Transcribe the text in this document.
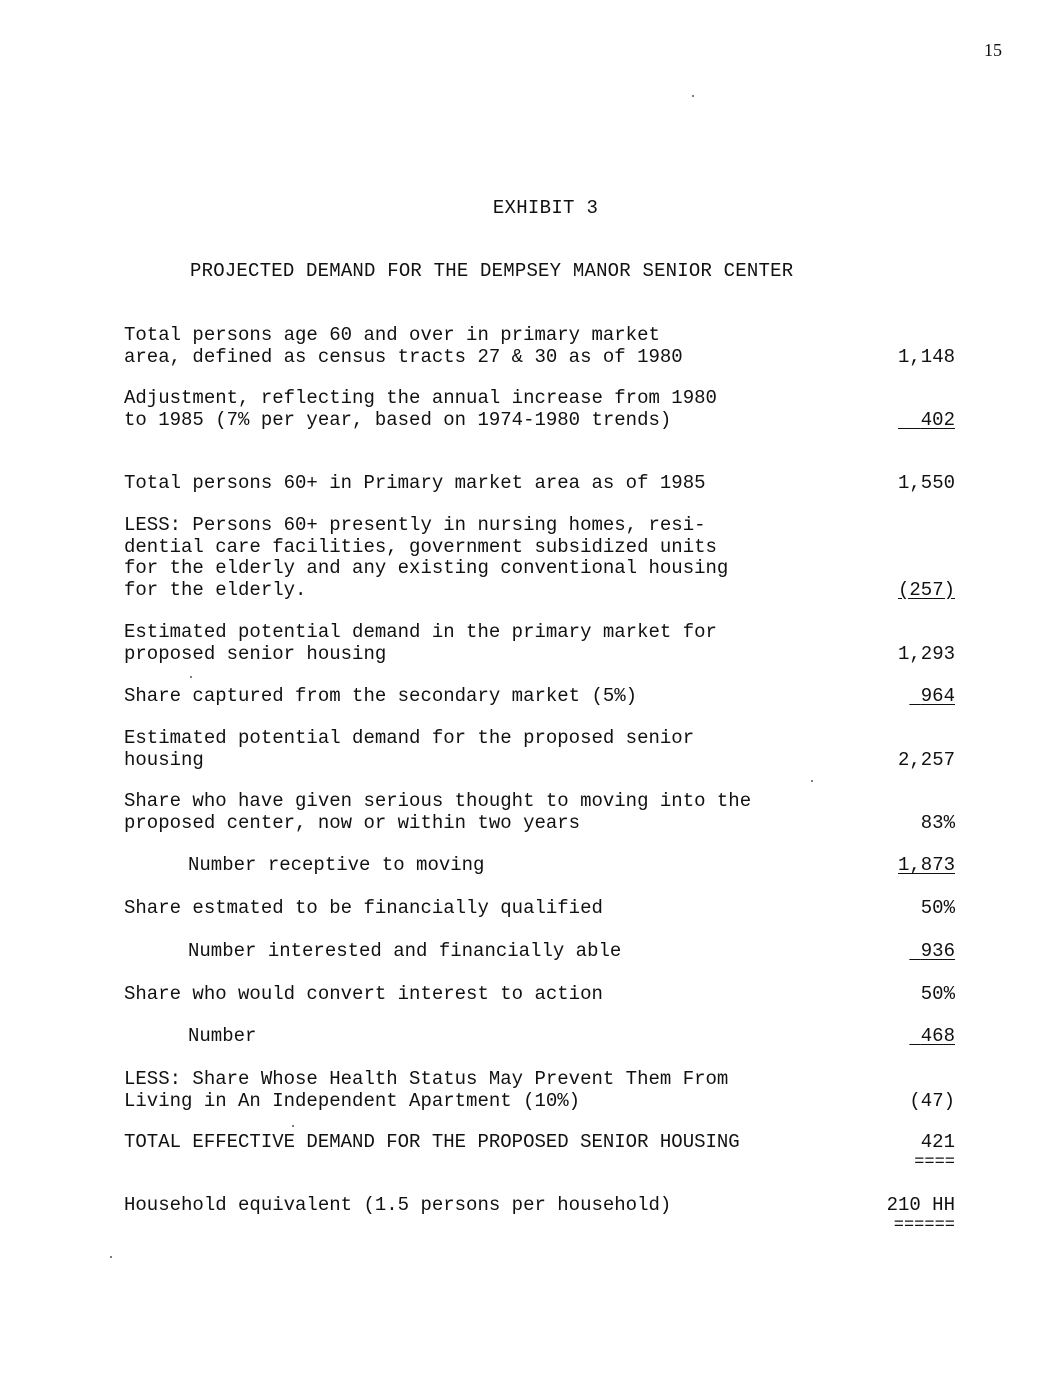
15
EXHIBIT 3
PROJECTED DEMAND FOR THE DEMPSEY MANOR SENIOR CENTER
Total persons age 60 and over in primary market
area, defined as census tracts 27 & 30 as of 1980	1,148
Adjustment, reflecting the annual increase from 1980
to 1985 (7% per year, based on 1974-1980 trends)	402
Total persons 60+ in Primary market area as of 1985	1,550
LESS: Persons 60+ presently in nursing homes, resi-
dential care facilities, government subsidized units
for the elderly and any existing conventional housing
for the elderly.	(257)
Estimated potential demand in the primary market for
proposed senior housing	1,293
Share captured from the secondary market (5%)	964
Estimated potential demand for the proposed senior
housing	2,257
Share who have given serious thought to moving into the
proposed center, now or within two years	83%
Number receptive to moving	1,873
Share estmated to be financially qualified	50%
Number interested and financially able	936
Share who would convert interest to action	50%
Number	468
LESS: Share Whose Health Status May Prevent Them From
Living in An Independent Apartment (10%)	(47)
TOTAL EFFECTIVE DEMAND FOR THE PROPOSED SENIOR HOUSING	421
====
Household equivalent (1.5 persons per household)	210 HH
======
